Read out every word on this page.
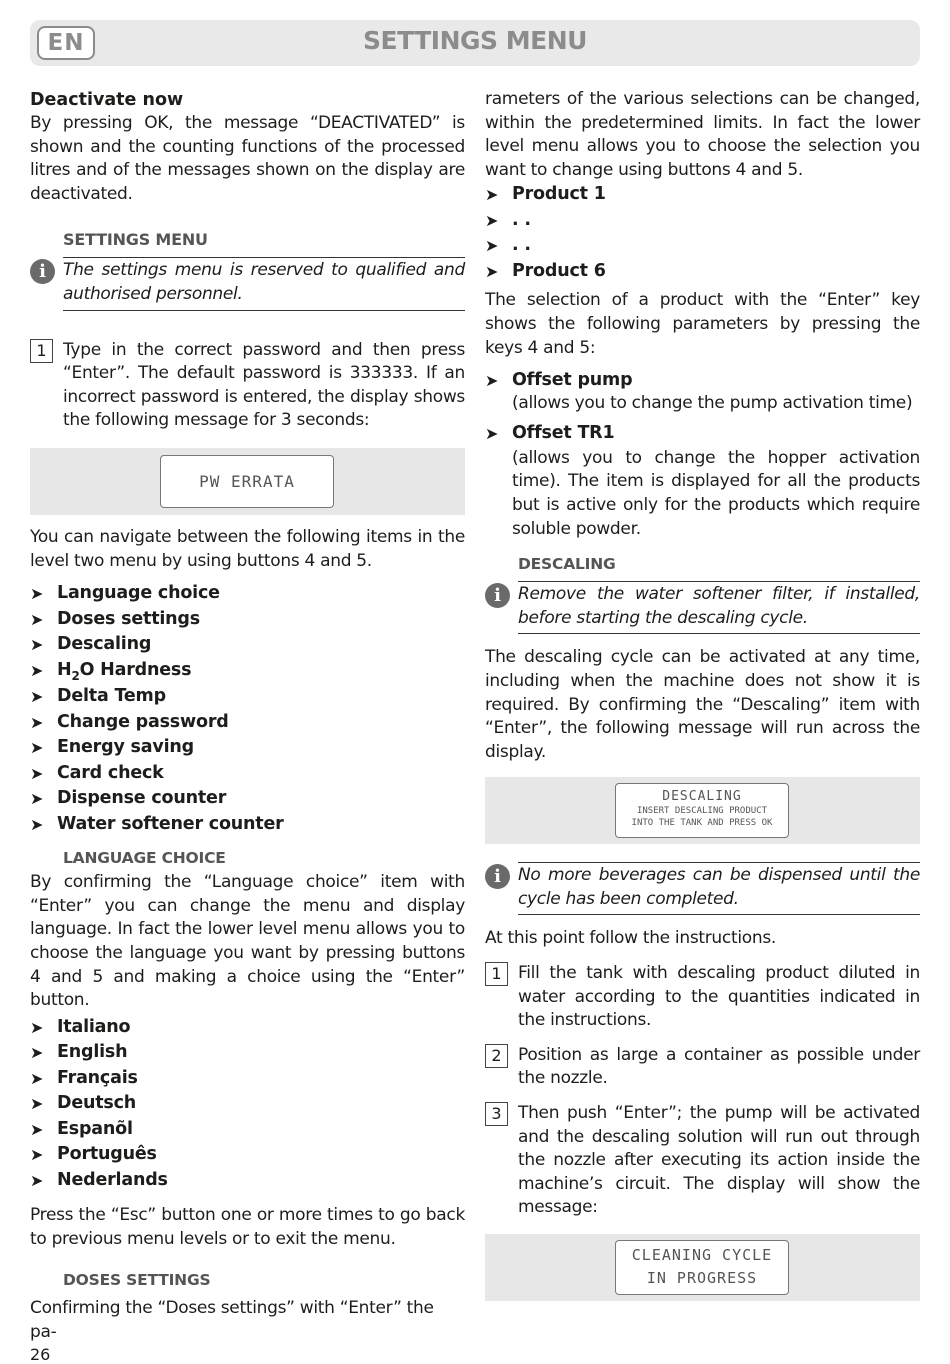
EN	SETTINGS MENU
Deactivate now

By pressing OK, the message “DEACTIVATED” is shown and the counting functions of the processed litres and of the messages shown on the display are deactivated.

SETTINGS MENU
i	The settings menu is reserved to qualified and authorised personnel.
1 Type in the correct password and then press “Enter”. The default password is 333333. If an incorrect password is entered, the display shows the following message for 3 seconds:

PW ERRATA

You can navigate between the following items in the level two menu by using buttons 4 and 5.

➤ Language choice
➤ Doses settings
➤ Descaling
➤ $H_2O$ Hardness
➤ Delta Temp
➤ Change password
➤ Energy saving
➤ Card check
➤ Dispense counter
➤ Water softener counter
LANGUAGE CHOICE

By confirming the “Language choice” item with “Enter” you can change the menu and display language. In fact the lower level menu allows you to choose the language you want by pressing buttons 4 and 5 and making a choice using the “Enter” button.

➤ Italiano
➤ English
➤ Français
➤ Deutsch
➤ Espanõl
➤ Português
➤ Nederlands

Press the “Esc” button one or more times to go back to previous menu levels or to exit the menu.

DOSES SETTINGS

Confirming the “Doses settings” with “Enter” the pa-

rameters of the various selections can be changed, within the predetermined limits. In fact the lower level menu allows you to choose the selection you want to change using buttons 4 and 5.

➤ Product 1
➤ . .
➤ . .
➤ Product 6

The selection of a product with the “Enter” key shows the following parameters by pressing the keys 4 and 5:

➤ Offset pump

(allows you to change the pump activation time)

➤ Offset TR1

(allows you to change the hopper activation time). The item is displayed for all the products but is active only for the products which require soluble powder.

DESCALING
i	Remove the water softener filter, if installed, before starting the descaling cycle.

The descaling cycle can be activated at any time, including when the machine does not show it is required. By confirming the “Descaling” item with “Enter”, the following message will run across the display.

DESCALING
INSERT DESCALING PRODUCT
INTO THE TANK AND PRESS OK
i	No more beverages can be dispensed until the cycle has been completed.

At this point follow the instructions.

1 Fill the tank with descaling product diluted in water according to the quantities indicated in the instructions.

2 Position as large a container as possible under the nozzle.

3 Then push “Enter”; the pump will be activated and the descaling solution will run out through the nozzle after executing its action inside the machine’s circuit. The display will show the message:

CLEANING CYCLE
IN PROGRESS
26
